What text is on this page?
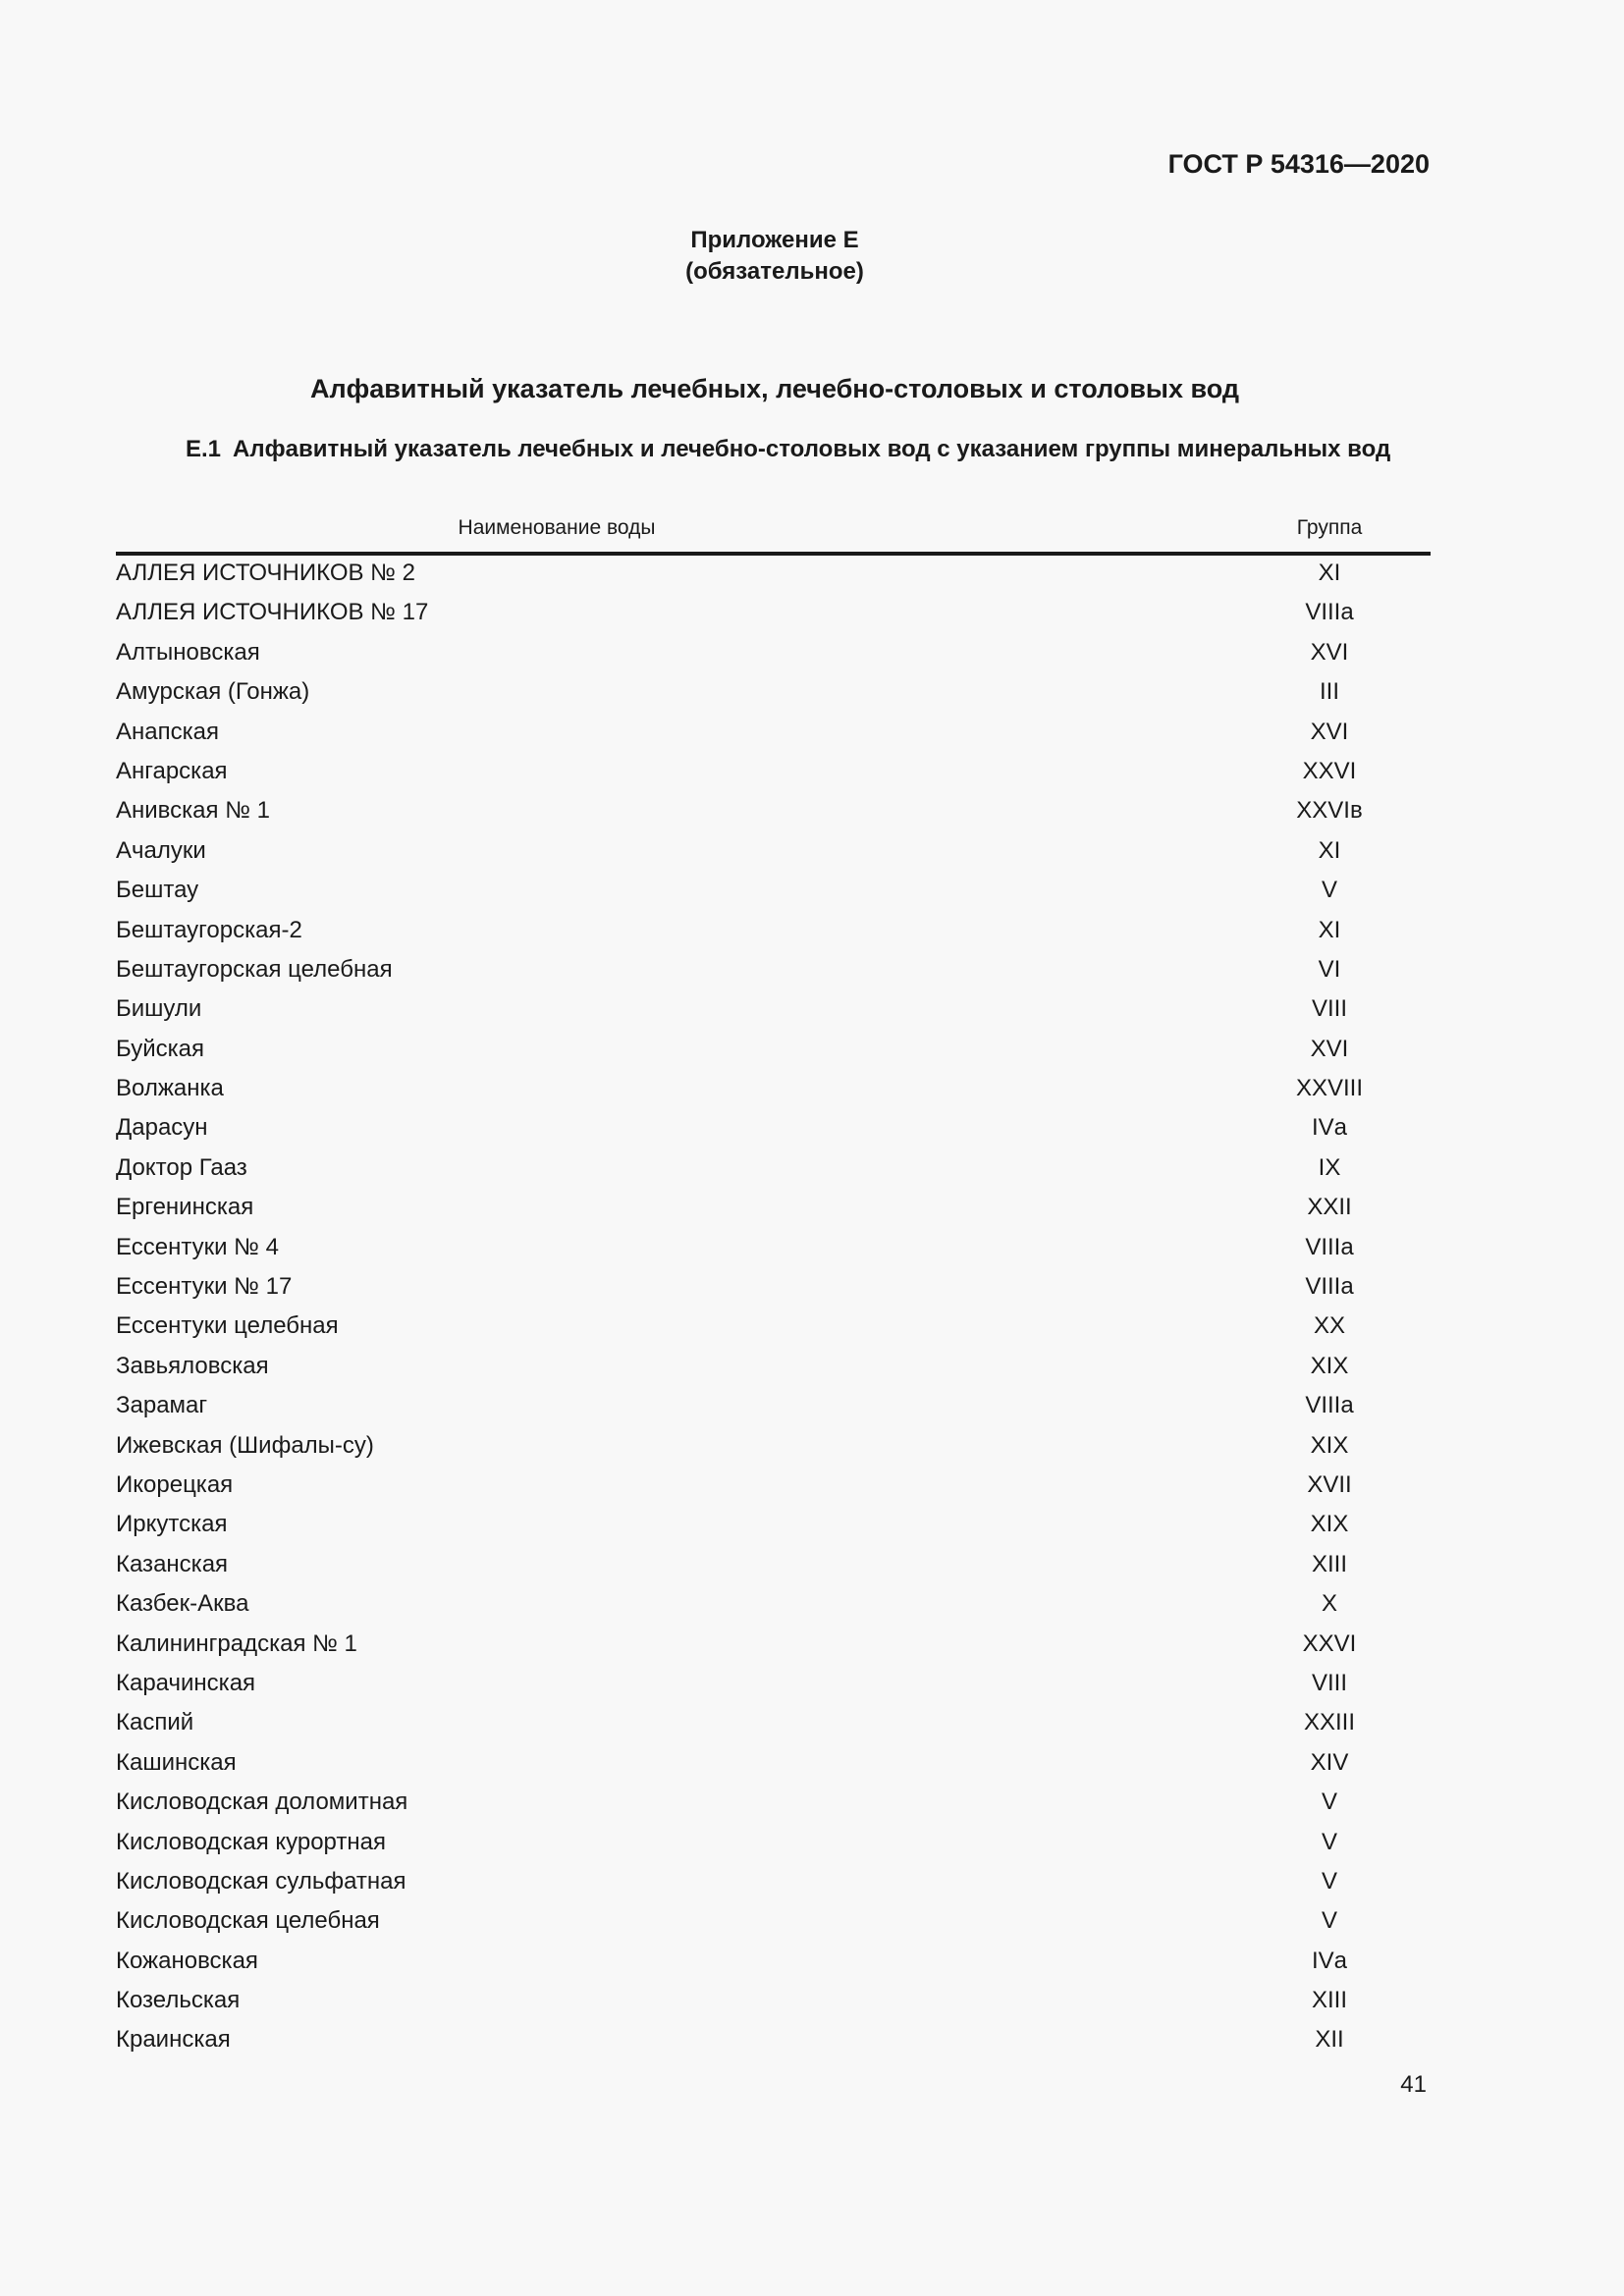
ГОСТ Р 54316—2020
Приложение Е
(обязательное)
Алфавитный указатель лечебных, лечебно-столовых и столовых вод
Е.1 Алфавитный указатель лечебных и лечебно-столовых вод с указанием группы минеральных вод
Наименование воды	Группа
АЛЛЕЯ ИСТОЧНИКОВ № 2	XI
АЛЛЕЯ ИСТОЧНИКОВ № 17	VIIIа
Алтыновская	XVI
Амурская (Гонжа)	III
Анапская	XVI
Ангарская	XXVI
Анивская № 1	XXVIв
Ачалуки	XI
Бештау	V
Бештаугорская-2	XI
Бештаугорская целебная	VI
Бишули	VIII
Буйская	XVI
Волжанка	XXVIII
Дарасун	IVа
Доктор Гааз	IX
Ергенинская	XXII
Ессентуки № 4	VIIIа
Ессентуки № 17	VIIIа
Ессентуки целебная	XX
Завьяловская	XIX
Зарамаг	VIIIа
Ижевская (Шифалы-су)	XIX
Икорецкая	XVII
Иркутская	XIX
Казанская	XIII
Казбек-Аква	X
Калининградская № 1	XXVI
Карачинская	VIII
Каспий	XXIII
Кашинская	XIV
Кисловодская доломитная	V
Кисловодская курортная	V
Кисловодская сульфатная	V
Кисловодская целебная	V
Кожановская	IVа
Козельская	XIII
Краинская	XII
41
